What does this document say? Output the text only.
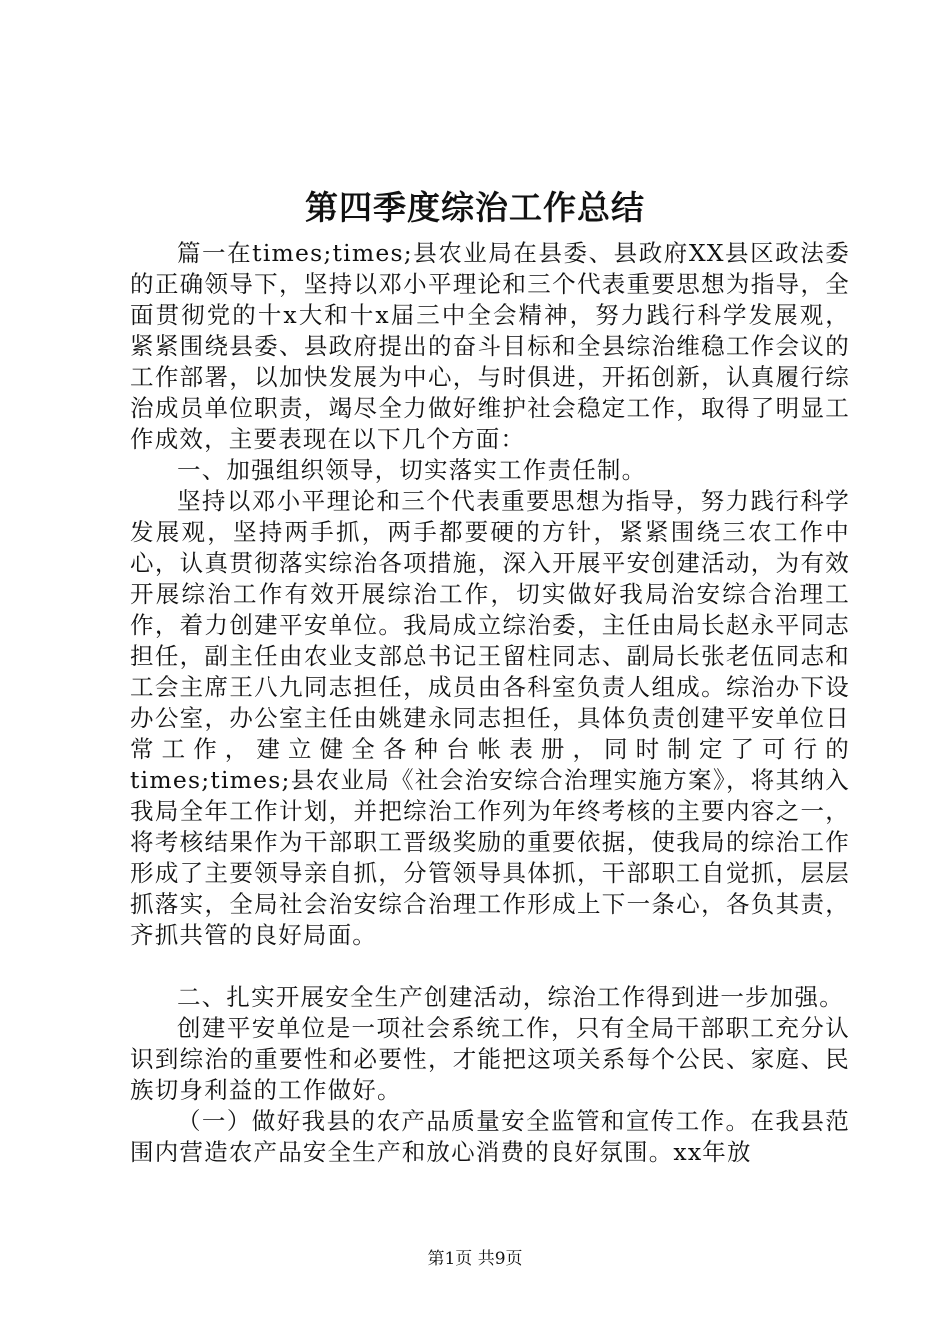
第四季度综治工作总结

篇一在times;times;县农业局在县委、县政府XX县区政法委的正确领导下，坚持以邓小平理论和三个代表重要思想为指导，全面贯彻党的十x大和十x届三中全会精神，努力践行科学发展观，紧紧围绕县委、县政府提出的奋斗目标和全县综治维稳工作会议的工作部署，以加快发展为中心，与时俱进，开拓创新，认真履行综治成员单位职责，竭尽全力做好维护社会稳定工作，取得了明显工作成效，主要表现在以下几个方面：

一、加强组织领导，切实落实工作责任制。

坚持以邓小平理论和三个代表重要思想为指导，努力践行科学发展观，坚持两手抓，两手都要硬的方针，紧紧围绕三农工作中心，认真贯彻落实综治各项措施，深入开展平安创建活动，为有效开展综治工作有效开展综治工作，切实做好我局治安综合治理工作，着力创建平安单位。我局成立综治委，主任由局长赵永平同志担任，副主任由农业支部总书记王留柱同志、副局长张老伍同志和工会主席王八九同志担任，成员由各科室负责人组成。综治办下设办公室，办公室主任由姚建永同志担任，具体负责创建平安单位日常工作，建立健全各种台帐表册，同时制定了可行的times;times;县农业局《社会治安综合治理实施方案》，将其纳入我局全年工作计划，并把综治工作列为年终考核的主要内容之一，将考核结果作为干部职工晋级奖励的重要依据，使我局的综治工作形成了主要领导亲自抓，分管领导具体抓，干部职工自觉抓，层层抓落实，全局社会治安综合治理工作形成上下一条心，各负其责，齐抓共管的良好局面。

二、扎实开展安全生产创建活动，综治工作得到进一步加强。

创建平安单位是一项社会系统工作，只有全局干部职工充分认识到综治的重要性和必要性，才能把这项关系每个公民、家庭、民族切身利益的工作做好。

（一）做好我县的农产品质量安全监管和宣传工作。在我县范围内营造农产品安全生产和放心消费的良好氛围。xx年放

第1页 共9页
